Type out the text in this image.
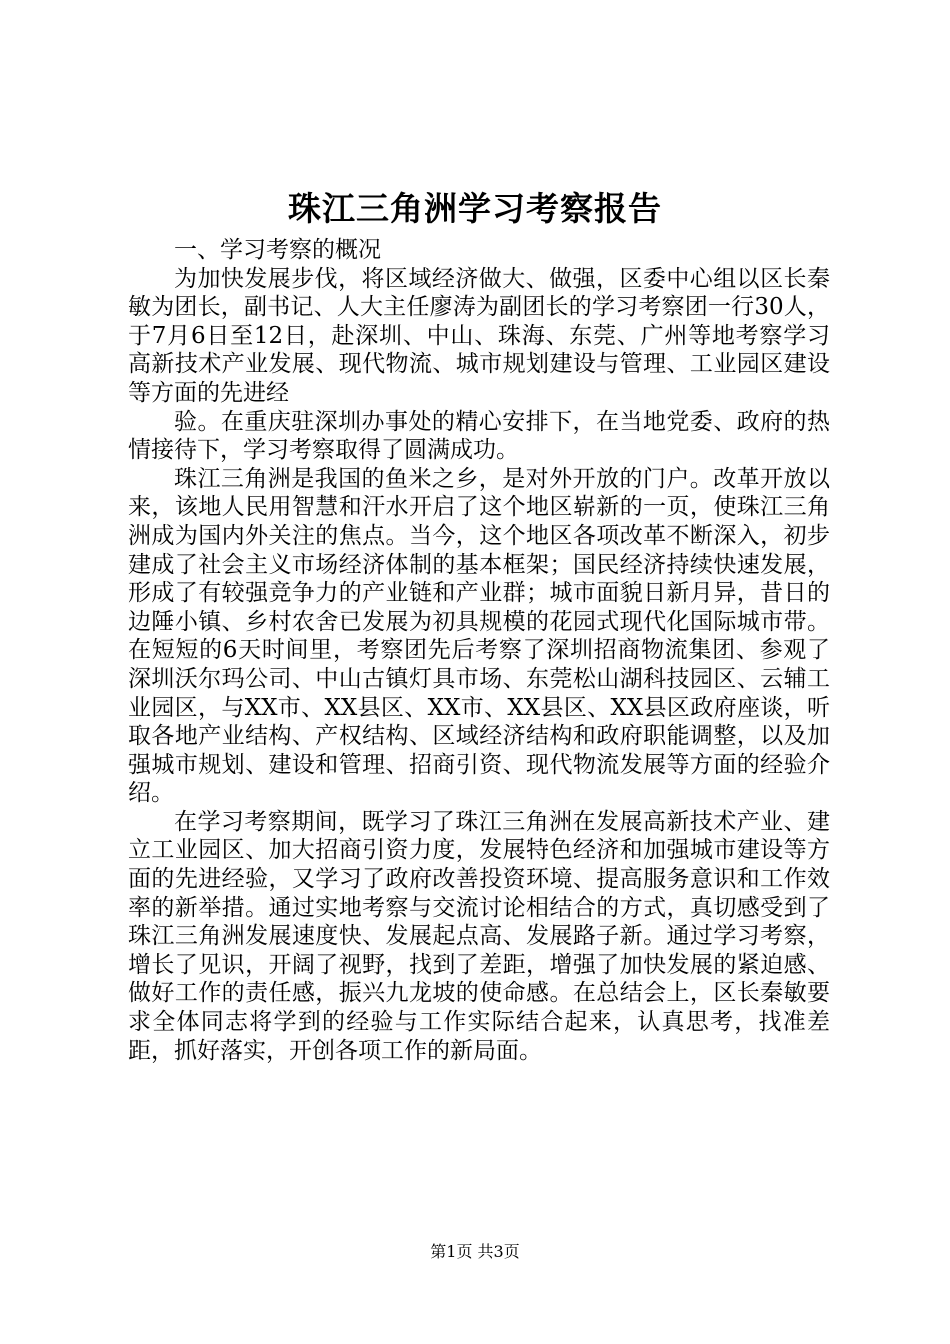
珠江三角洲学习考察报告

一、学习考察的概况

为加快发展步伐，将区域经济做大、做强，区委中心组以区长秦敏为团长，副书记、人大主任廖涛为副团长的学习考察团一行30人，于7月6日至12日，赴深圳、中山、珠海、东莞、广州等地考察学习高新技术产业发展、现代物流、城市规划建设与管理、工业园区建设等方面的先进经

验。在重庆驻深圳办事处的精心安排下，在当地党委、政府的热情接待下，学习考察取得了圆满成功。

珠江三角洲是我国的鱼米之乡，是对外开放的门户。改革开放以来，该地人民用智慧和汗水开启了这个地区崭新的一页，使珠江三角洲成为国内外关注的焦点。当今，这个地区各项改革不断深入，初步建成了社会主义市场经济体制的基本框架；国民经济持续快速发展，形成了有较强竞争力的产业链和产业群；城市面貌日新月异，昔日的边陲小镇、乡村农舍已发展为初具规模的花园式现代化国际城市带。在短短的6天时间里，考察团先后考察了深圳招商物流集团、参观了深圳沃尔玛公司、中山古镇灯具市场、东莞松山湖科技园区、云辅工业园区，与XX市、XX县区、XX市、XX县区、XX县区政府座谈，听取各地产业结构、产权结构、区域经济结构和政府职能调整，以及加强城市规划、建设和管理、招商引资、现代物流发展等方面的经验介绍。

在学习考察期间，既学习了珠江三角洲在发展高新技术产业、建立工业园区、加大招商引资力度，发展特色经济和加强城市建设等方面的先进经验，又学习了政府改善投资环境、提高服务意识和工作效率的新举措。通过实地考察与交流讨论相结合的方式，真切感受到了珠江三角洲发展速度快、发展起点高、发展路子新。通过学习考察，增长了见识，开阔了视野，找到了差距，增强了加快发展的紧迫感、做好工作的责任感，振兴九龙坡的使命感。在总结会上，区长秦敏要求全体同志将学到的经验与工作实际结合起来，认真思考，找准差距，抓好落实，开创各项工作的新局面。

第1页 共3页
